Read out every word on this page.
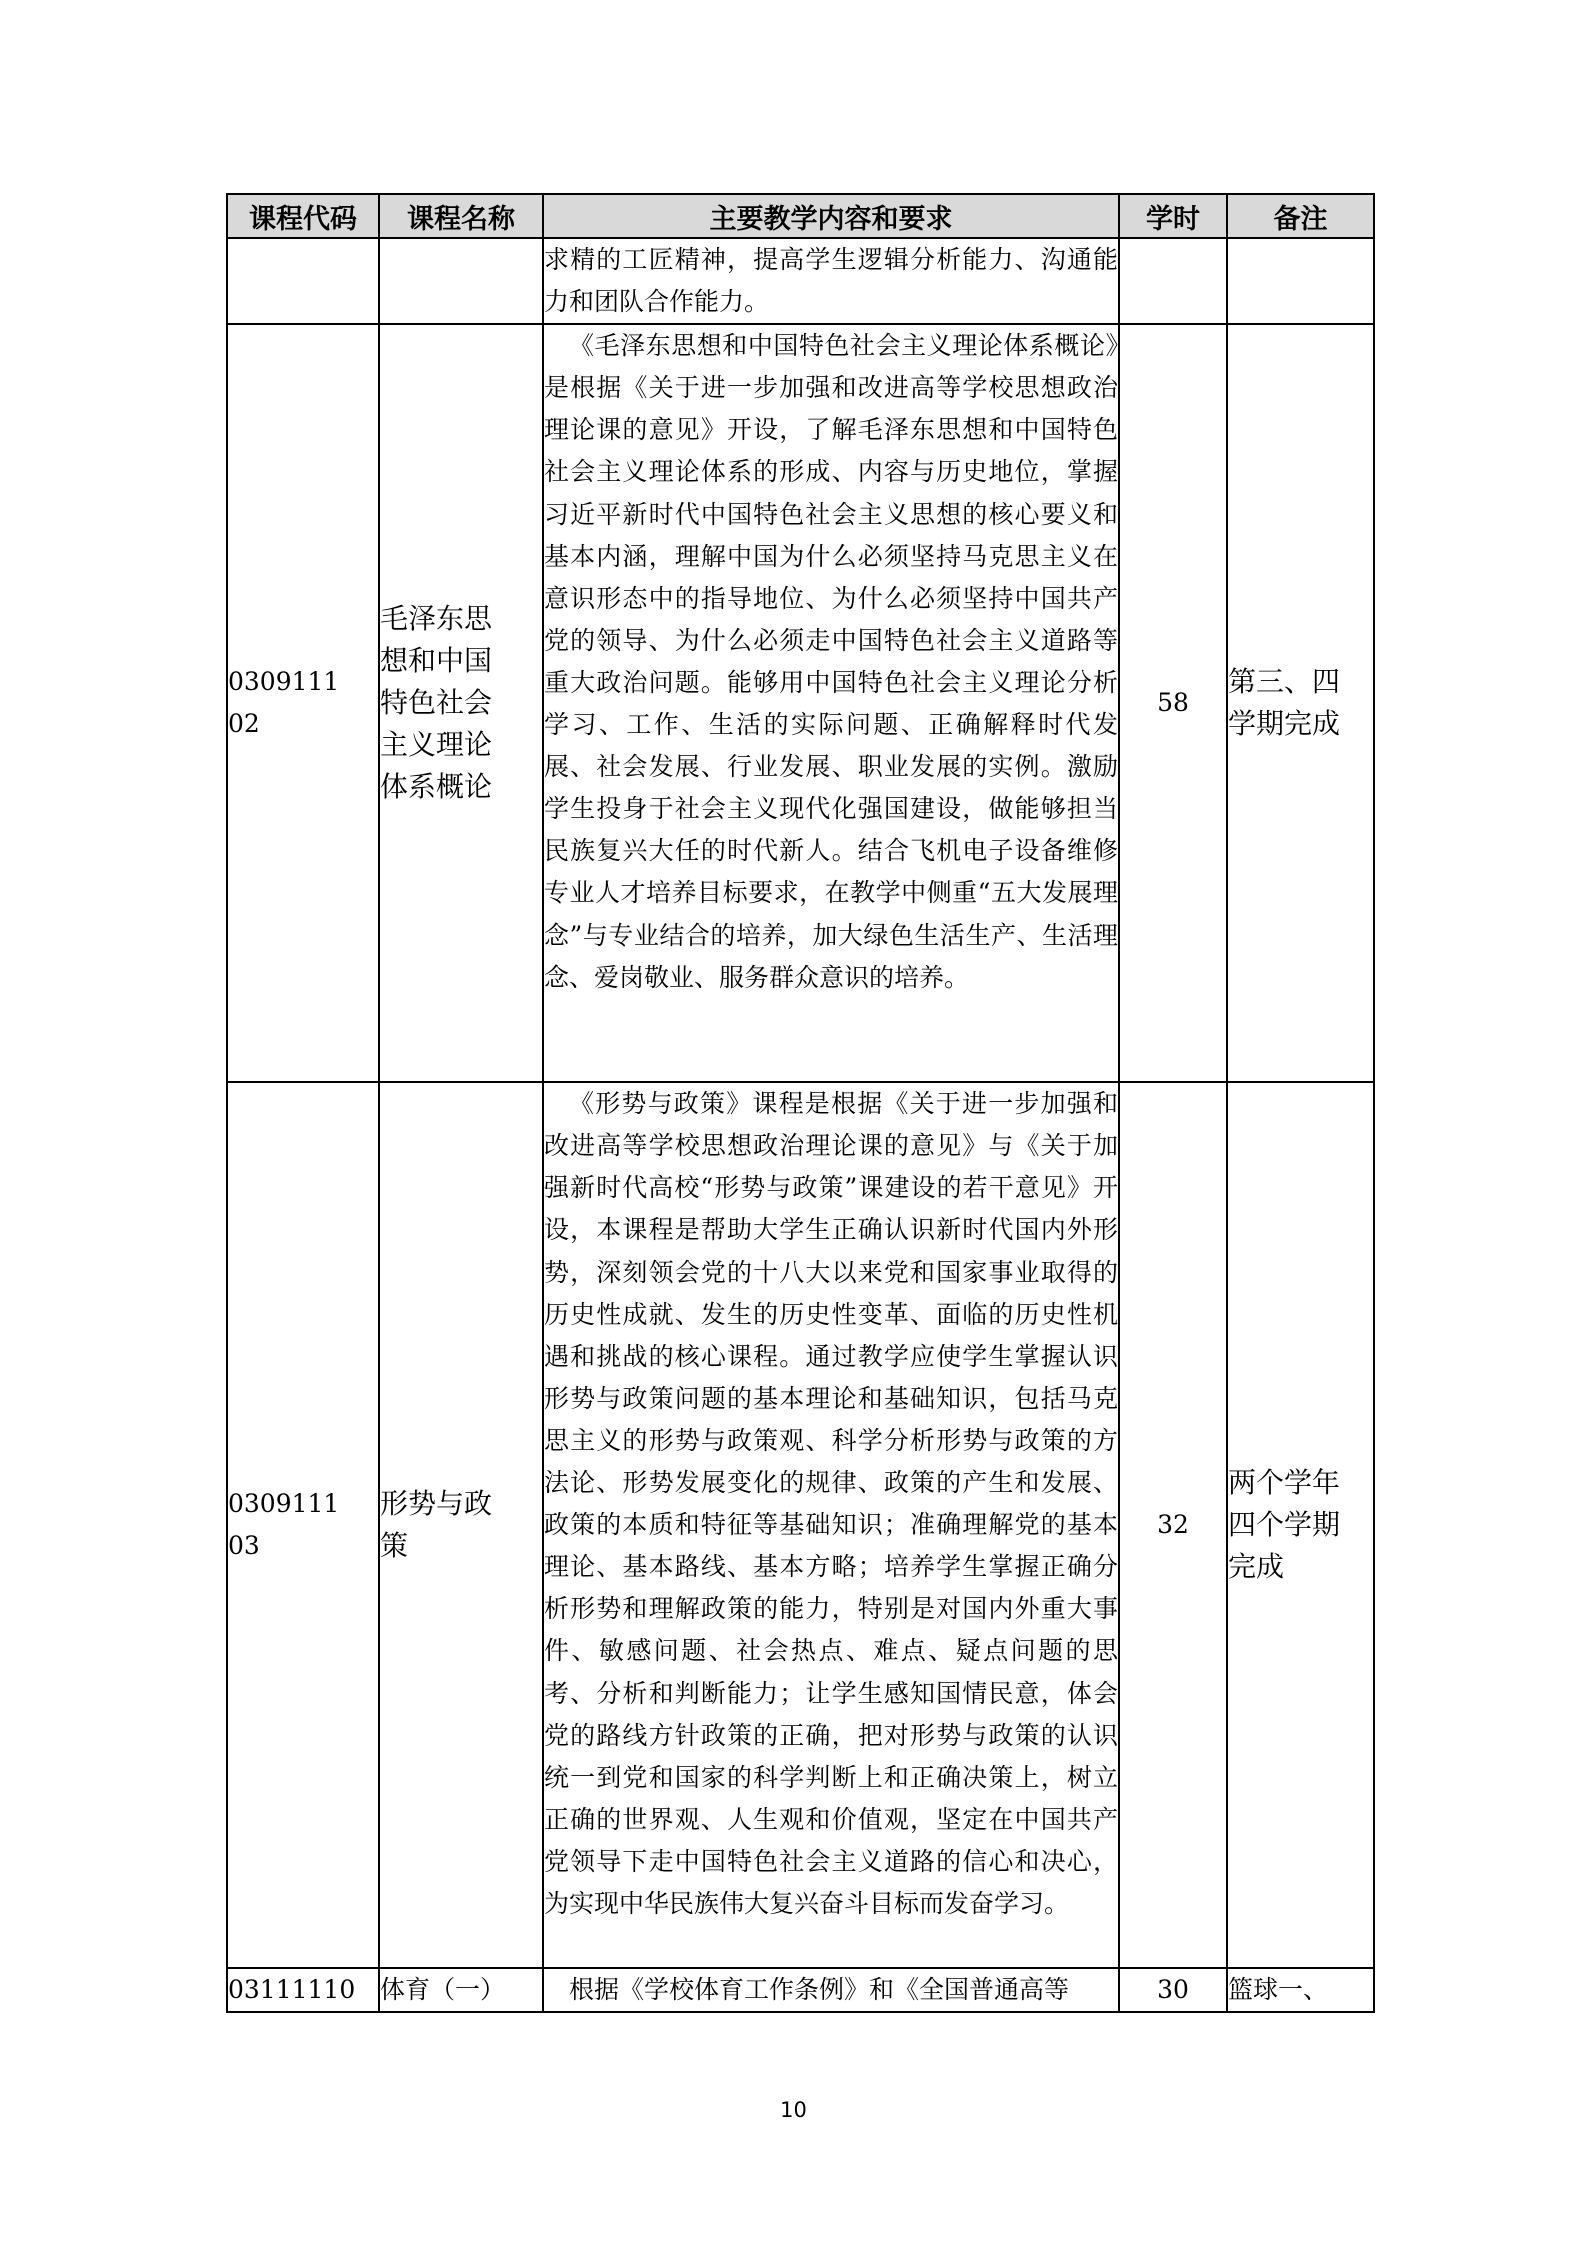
课程代码	课程名称	主要教学内容和要求	学时	备注
		求精的工匠精神，提高学生逻辑分析能力、沟通能力和团队合作能力。		

030911102	毛泽东思想和中国特色社会主义理论体系概论	《毛泽东思想和中国特色社会主义理论体系概论》是根据《关于进一步加强和改进高等学校思想政治理论课的意见》开设，了解毛泽东思想和中国特色社会主义理论体系的形成、内容与历史地位，掌握习近平新时代中国特色社会主义思想的核心要义和基本内涵，理解中国为什么必须坚持马克思主义在意识形态中的指导地位、为什么必须坚持中国共产党的领导、为什么必须走中国特色社会主义道路等重大政治问题。能够用中国特色社会主义理论分析学习、工作、生活的实际问题、正确解释时代发展、社会发展、行业发展、职业发展的实例。激励学生投身于社会主义现代化强国建设，做能够担当民族复兴大任的时代新人。结合飞机电子设备维修专业人才培养目标要求，在教学中侧重“五大发展理念”与专业结合的培养，加大绿色生活生产、生活理念、爱岗敬业、服务群众意识的培养。	58	第三、四学期完成

030911103	形势与政策	《形势与政策》课程是根据《关于进一步加强和改进高等学校思想政治理论课的意见》与《关于加强新时代高校“形势与政策”课建设的若干意见》开设，本课程是帮助大学生正确认识新时代国内外形势，深刻领会党的十八大以来党和国家事业取得的历史性成就、发生的历史性变革、面临的历史性机遇和挑战的核心课程。通过教学应使学生掌握认识形势与政策问题的基本理论和基础知识，包括马克思主义的形势与政策观、科学分析形势与政策的方法论、形势发展变化的规律、政策的产生和发展、政策的本质和特征等基础知识；准确理解党的基本理论、基本路线、基本方略；培养学生掌握正确分析形势和理解政策的能力，特别是对国内外重大事件、敏感问题、社会热点、难点、疑点问题的思考、分析和判断能力；让学生感知国情民意，体会党的路线方针政策的正确，把对形势与政策的认识统一到党和国家的科学判断上和正确决策上，树立正确的世界观、人生观和价值观，坚定在中国共产党领导下走中国特色社会主义道路的信心和决心，为实现中华民族伟大复兴奋斗目标而发奋学习。	32	两个学年四个学期完成

03111110	体育（一）	根据《学校体育工作条例》和《全国普通高等	30	篮球一、
10
